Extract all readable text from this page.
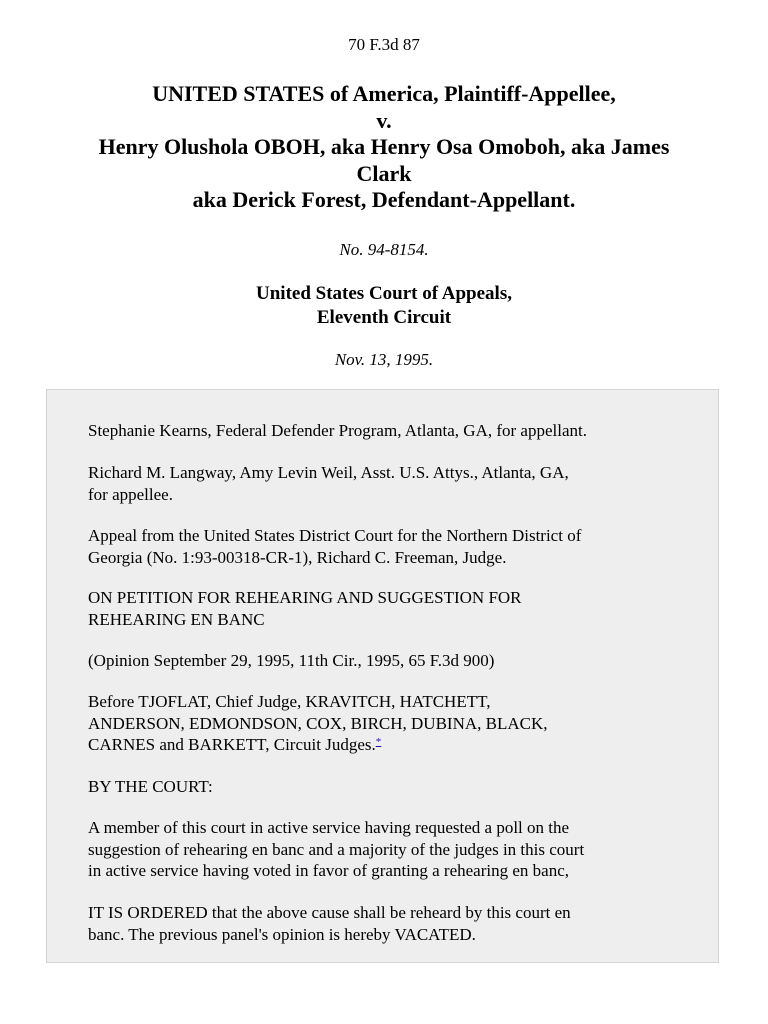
70 F.3d 87
UNITED STATES of America, Plaintiff-Appellee,
v.
Henry Olushola OBOH, aka Henry Osa Omoboh, aka James
Clark
aka Derick Forest, Defendant-Appellant.
No. 94-8154.
United States Court of Appeals,
Eleventh Circuit
Nov. 13, 1995.
Stephanie Kearns, Federal Defender Program, Atlanta, GA, for appellant.
Richard M. Langway, Amy Levin Weil, Asst. U.S. Attys., Atlanta, GA,
for appellee.
Appeal from the United States District Court for the Northern District of
Georgia (No. 1:93-00318-CR-1), Richard C. Freeman, Judge.
ON PETITION FOR REHEARING AND SUGGESTION FOR
REHEARING EN BANC
(Opinion September 29, 1995, 11th Cir., 1995, 65 F.3d 900)
Before TJOFLAT, Chief Judge, KRAVITCH, HATCHETT,
ANDERSON, EDMONDSON, COX, BIRCH, DUBINA, BLACK,
CARNES and BARKETT, Circuit Judges.*
BY THE COURT:
A member of this court in active service having requested a poll on the
suggestion of rehearing en banc and a majority of the judges in this court
in active service having voted in favor of granting a rehearing en banc,
IT IS ORDERED that the above cause shall be reheard by this court en
banc. The previous panel's opinion is hereby VACATED.
